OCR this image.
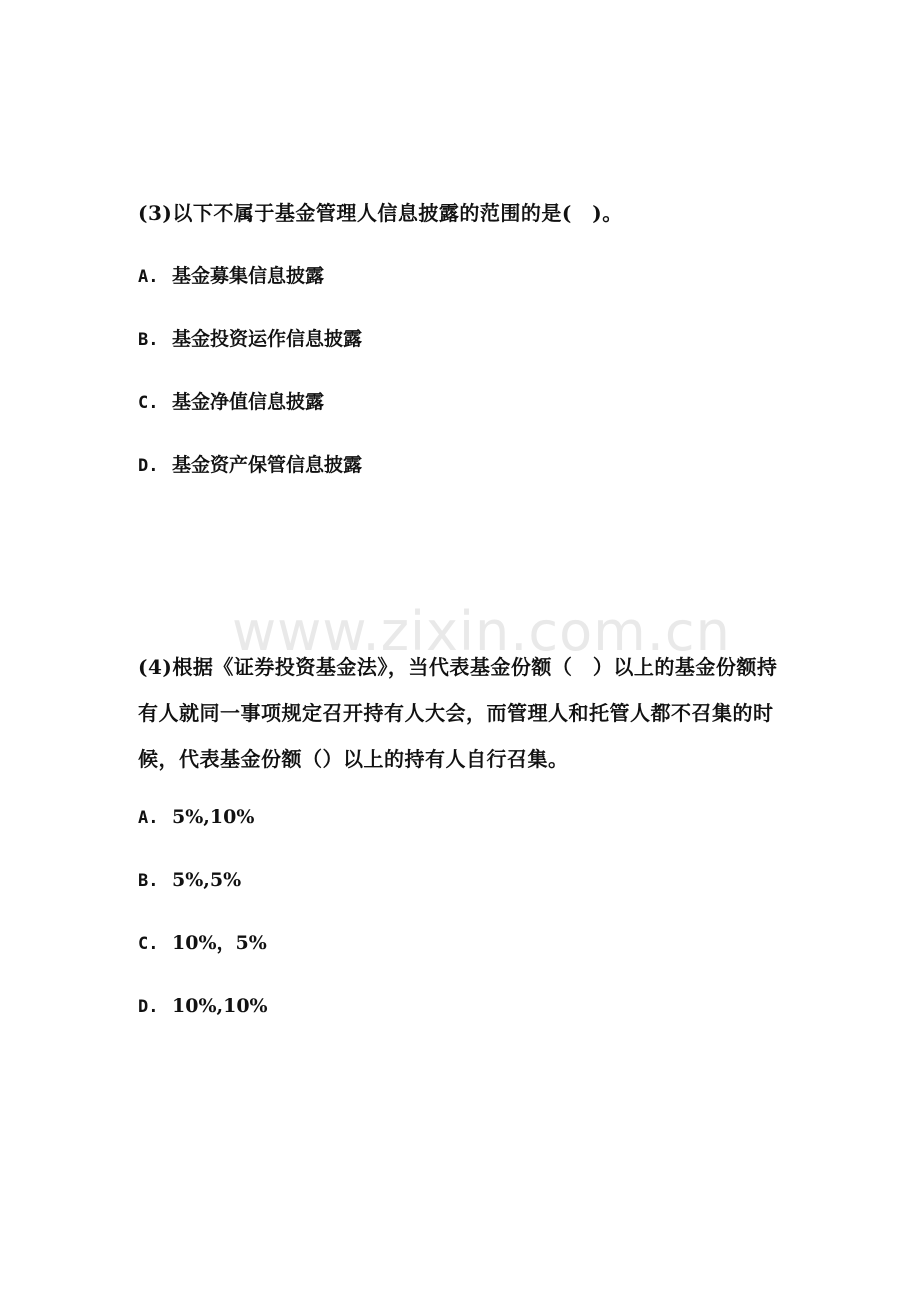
www.zixin.com.cn

(3)以下不属于基金管理人信息披露的范围的是(　)。

A. 基金募集信息披露
B. 基金投资运作信息披露
C. 基金净值信息披露
D. 基金资产保管信息披露

(4)根据《证券投资基金法》，当代表基金份额（　）以上的基金份额持有人就同一事项规定召开持有人大会，而管理人和托管人都不召集的时候，代表基金份额（）以上的持有人自行召集。

A. 5%,10%
B. 5%,5%
C. 10%，5%
D. 10%,10%
